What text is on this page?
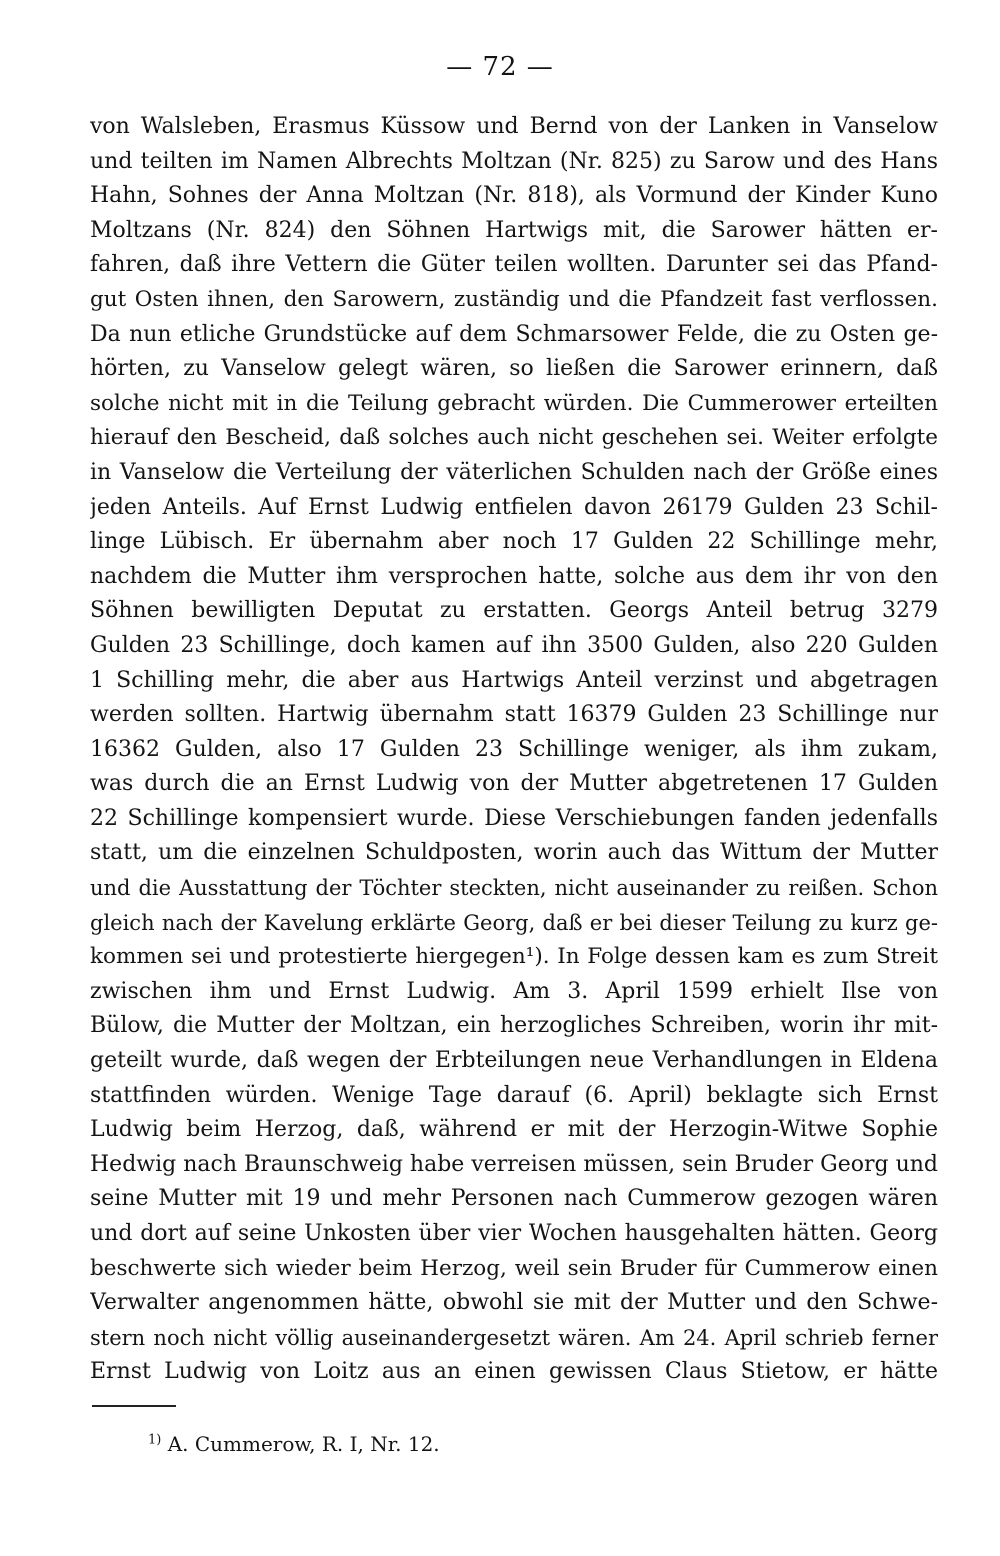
— 72 —
von Walsleben, Erasmus Küssow und Bernd von der Lanken in Vanselow
und teilten im Namen Albrechts Moltzan (Nr. 825) zu Sarow und des Hans
Hahn, Sohnes der Anna Moltzan (Nr. 818), als Vormund der Kinder Kuno
Moltzans (Nr. 824) den Söhnen Hartwigs mit, die Sarower hätten er-
fahren, daß ihre Vettern die Güter teilen wollten. Darunter sei das Pfand-
gut Osten ihnen, den Sarowern, zuständig und die Pfandzeit fast verflossen.
Da nun etliche Grundstücke auf dem Schmarsower Felde, die zu Osten ge-
hörten, zu Vanselow gelegt wären, so ließen die Sarower erinnern, daß
solche nicht mit in die Teilung gebracht würden. Die Cummerower erteilten
hierauf den Bescheid, daß solches auch nicht geschehen sei. Weiter erfolgte
in Vanselow die Verteilung der väterlichen Schulden nach der Größe eines
jeden Anteils. Auf Ernst Ludwig entfielen davon 26179 Gulden 23 Schil-
linge Lübisch. Er übernahm aber noch 17 Gulden 22 Schillinge mehr,
nachdem die Mutter ihm versprochen hatte, solche aus dem ihr von den
Söhnen bewilligten Deputat zu erstatten. Georgs Anteil betrug 3279
Gulden 23 Schillinge, doch kamen auf ihn 3500 Gulden, also 220 Gulden
1 Schilling mehr, die aber aus Hartwigs Anteil verzinst und abgetragen
werden sollten. Hartwig übernahm statt 16379 Gulden 23 Schillinge nur
16362 Gulden, also 17 Gulden 23 Schillinge weniger, als ihm zukam,
was durch die an Ernst Ludwig von der Mutter abgetretenen 17 Gulden
22 Schillinge kompensiert wurde. Diese Verschiebungen fanden jedenfalls
statt, um die einzelnen Schuldposten, worin auch das Wittum der Mutter
und die Ausstattung der Töchter steckten, nicht auseinander zu reißen. Schon
gleich nach der Kavelung erklärte Georg, daß er bei dieser Teilung zu kurz ge-
kommen sei und protestierte hiergegen¹). In Folge dessen kam es zum Streit
zwischen ihm und Ernst Ludwig. Am 3. April 1599 erhielt Ilse von
Bülow, die Mutter der Moltzan, ein herzogliches Schreiben, worin ihr mit-
geteilt wurde, daß wegen der Erbteilungen neue Verhandlungen in Eldena
stattfinden würden. Wenige Tage darauf (6. April) beklagte sich Ernst
Ludwig beim Herzog, daß, während er mit der Herzogin-Witwe Sophie
Hedwig nach Braunschweig habe verreisen müssen, sein Bruder Georg und
seine Mutter mit 19 und mehr Personen nach Cummerow gezogen wären
und dort auf seine Unkosten über vier Wochen hausgehalten hätten. Georg
beschwerte sich wieder beim Herzog, weil sein Bruder für Cummerow einen
Verwalter angenommen hätte, obwohl sie mit der Mutter und den Schwe-
stern noch nicht völlig auseinandergesetzt wären. Am 24. April schrieb ferner
Ernst Ludwig von Loitz aus an einen gewissen Claus Stietow, er hätte
$^{1)}$ A. Cummerow, R. I, Nr. 12.
